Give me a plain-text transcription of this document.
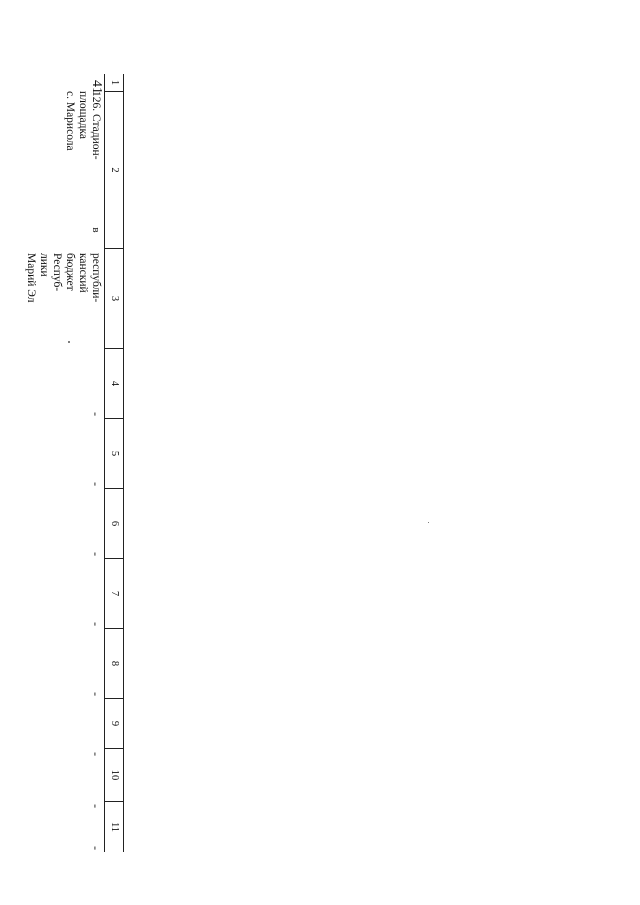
41 1
2
3
4
5
6
7
8
9
10
11
126. Стадион-
площадка
с. Марисола
в
республи-
канский
бюджет
Респуб-
лики
Марий Эл
-
-
-
-
-
-
-
-
